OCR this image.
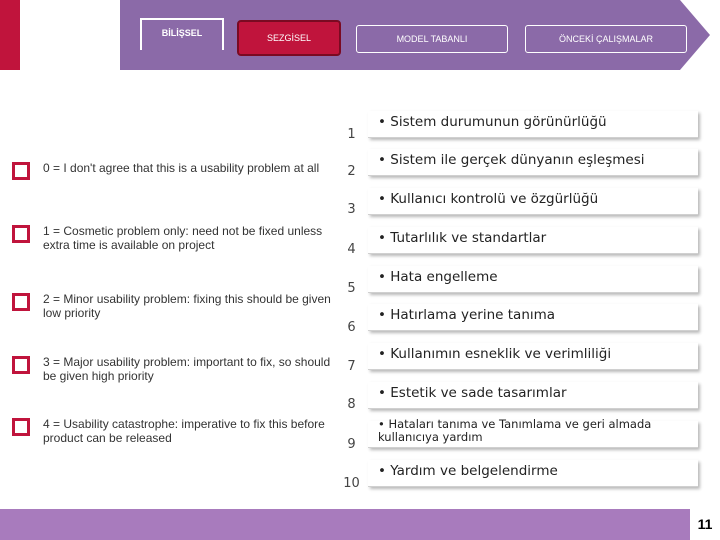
BİLİŞSEL	SEZGİSEL	MODEL TABANLI	ÖNCEKİ ÇALIŞMALAR
0 = I don't agree that this is a usability problem at all
1 = Cosmetic problem only: need not be fixed unless extra time is available on project
2 = Minor usability problem: fixing this should be given low priority
3 = Major usability problem: important to fix, so should be given high priority
4 = Usability catastrophe: imperative to fix this before product can be released
1
• Sistem durumunun görünürlüğü
2
• Sistem ile gerçek dünyanın eşleşmesi
3
• Kullanıcı kontrolü ve özgürlüğü
4
• Tutarlılık ve standartlar
5
• Hata engelleme
6
• Hatırlama yerine tanıma
7
• Kullanımın esneklik ve verimliliği
8
• Estetik ve sade tasarımlar
9
• Hataları tanıma ve Tanımlama ve geri almada kullanıcıya yardım
10
• Yardım ve belgelendirme
11
